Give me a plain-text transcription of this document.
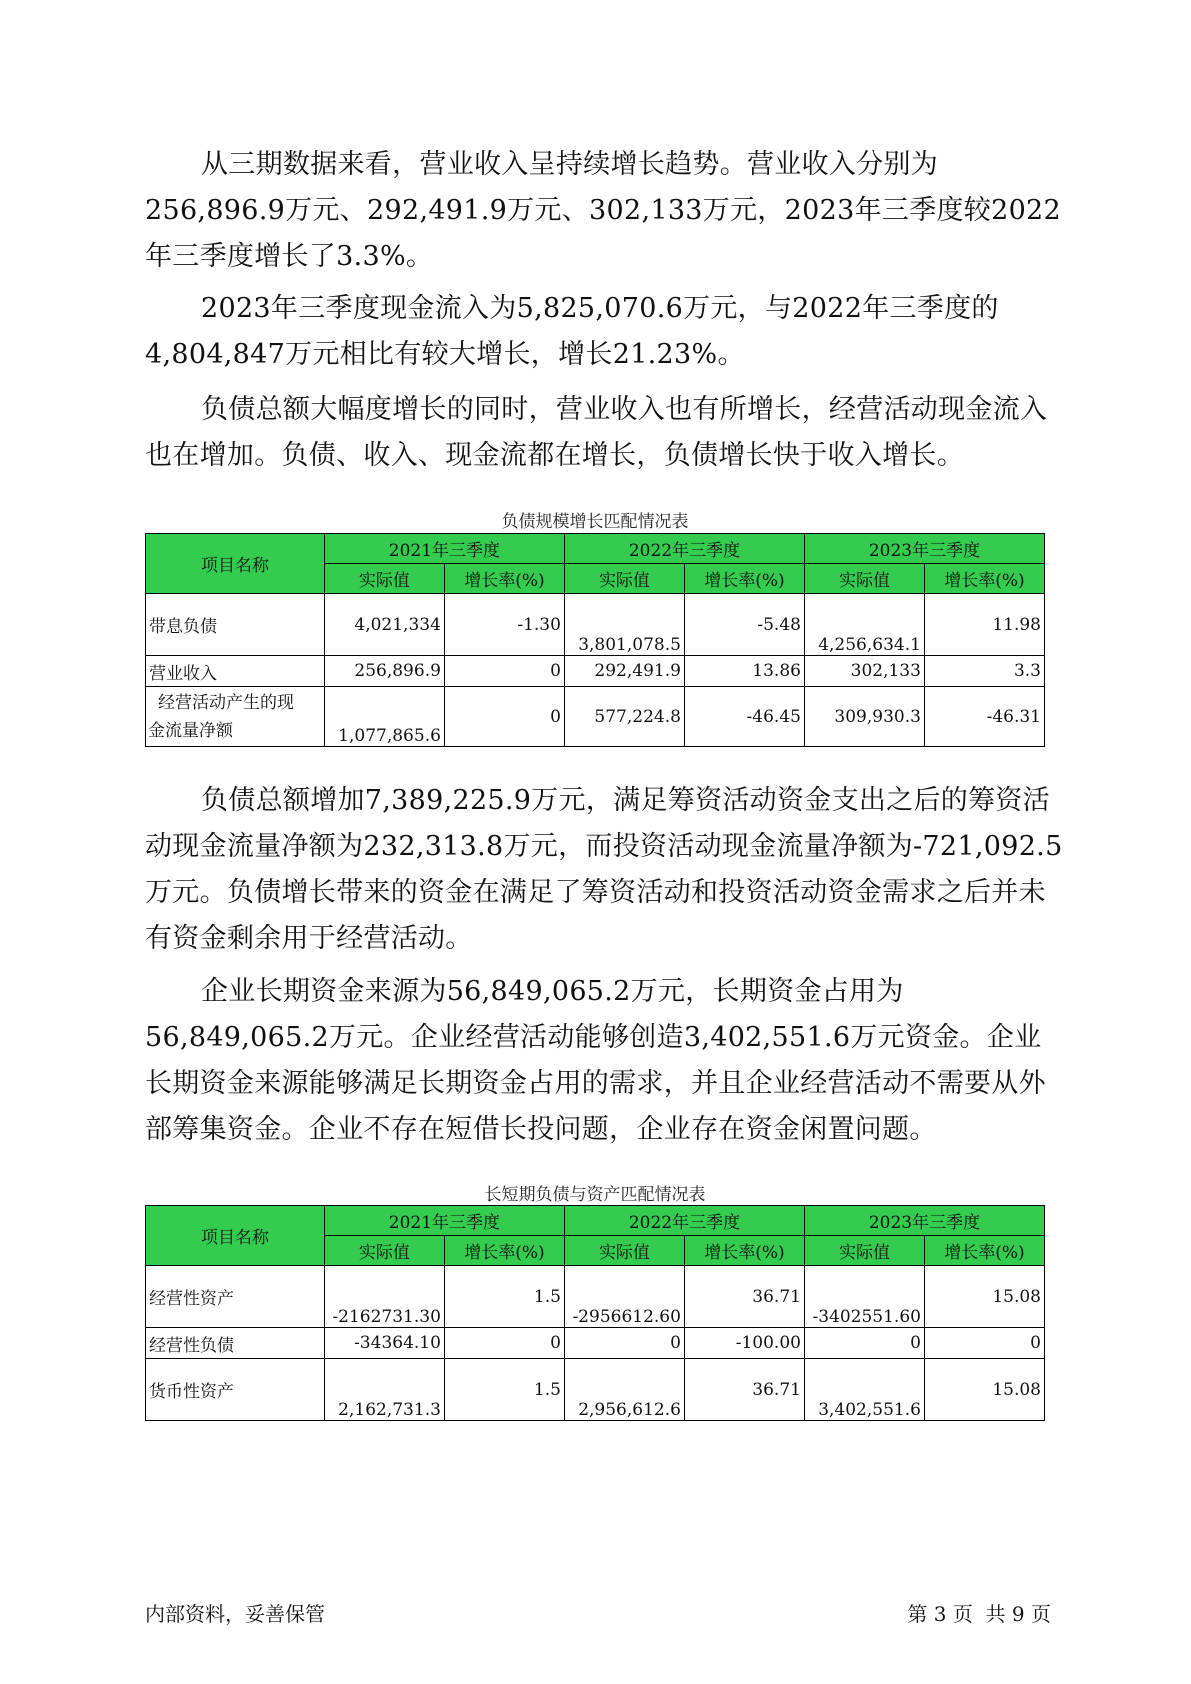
从三期数据来看，营业收入呈持续增长趋势。营业收入分别为256,896.9万元、292,491.9万元、302,133万元，2023年三季度较2022年三季度增长了3.3%。

2023年三季度现金流入为5,825,070.6万元，与2022年三季度的4,804,847万元相比有较大增长，增长21.23%。

负债总额大幅度增长的同时，营业收入也有所增长，经营活动现金流入也在增加。负债、收入、现金流都在增长，负债增长快于收入增长。

负债规模增长匹配情况表
项目名称	2021年三季度		2022年三季度		2023年三季度	
	实际值	增长率(%)	实际值	增长率(%)	实际值	增长率(%)
带息负债	4,021,334	-1.30	3,801,078.5	-5.48	4,256,634.1	11.98
营业收入	256,896.9	0	292,491.9	13.86	302,133	3.3

经营活动产生的现
金流量净额	1,077,865.6	0	577,224.8	-46.45	309,930.3	-46.31

负债总额增加7,389,225.9万元，满足筹资活动资金支出之后的筹资活动现金流量净额为232,313.8万元，而投资活动现金流量净额为-721,092.5万元。负债增长带来的资金在满足了筹资活动和投资活动资金需求之后并未有资金剩余用于经营活动。

企业长期资金来源为56,849,065.2万元，长期资金占用为56,849,065.2万元。企业经营活动能够创造3,402,551.6万元资金。企业长期资金来源能够满足长期资金占用的需求，并且企业经营活动不需要从外部筹集资金。企业不存在短借长投问题，企业存在资金闲置问题。

长短期负债与资产匹配情况表
项目名称	2021年三季度		2022年三季度		2023年三季度	
	实际值	增长率(%)	实际值	增长率(%)	实际值	增长率(%)
经营性资产	-2162731.30	1.5	-2956612.60	36.71	-3402551.60	15.08
经营性负债	-34364.10	0	0	-100.00	0	0
货币性资产	2,162,731.3	1.5	2,956,612.6	36.71	3,402,551.6	15.08
内部资料，妥善保管	第 3 页  共 9 页
